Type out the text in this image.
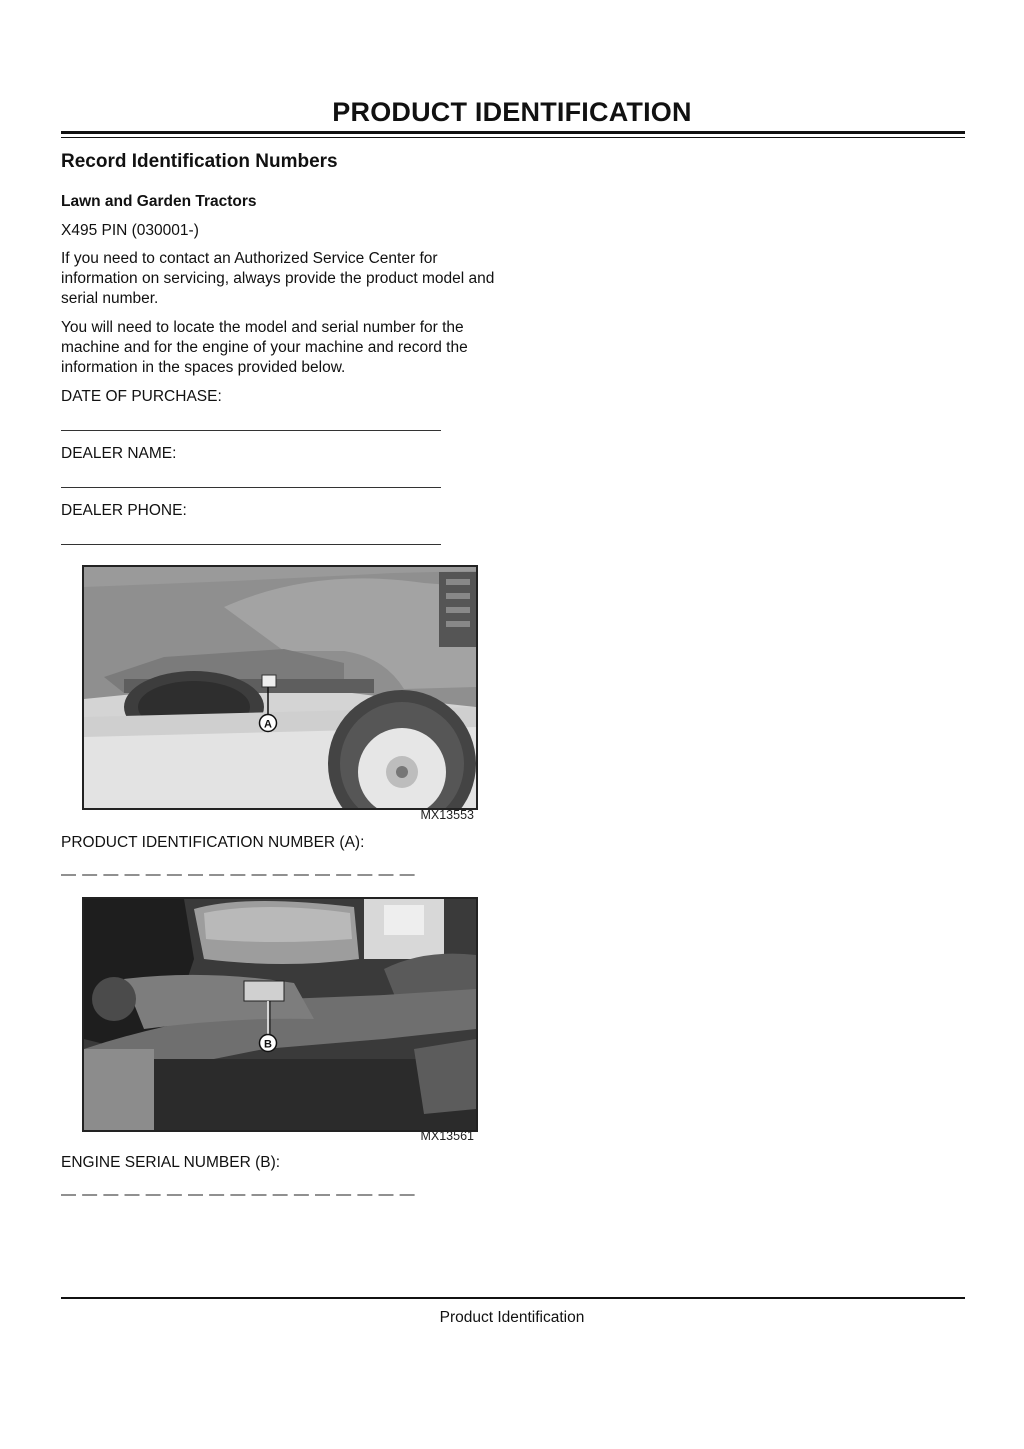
PRODUCT IDENTIFICATION
Record Identification Numbers
Lawn and Garden Tractors
X495 PIN (030001-)

If you need to contact an Authorized Service Center for information on servicing, always provide the product model and serial number.

You will need to locate the model and serial number for the machine and for the engine of your machine and record the information in the spaces provided below.

DATE OF PURCHASE:
DEALER NAME:
DEALER PHONE:
A
MX13553
PRODUCT IDENTIFICATION NUMBER (A):
— — — — — — — — — — — — — — — — —
B
MX13561
ENGINE SERIAL NUMBER (B):
— — — — — — — — — — — — — — — — —
Product Identification
